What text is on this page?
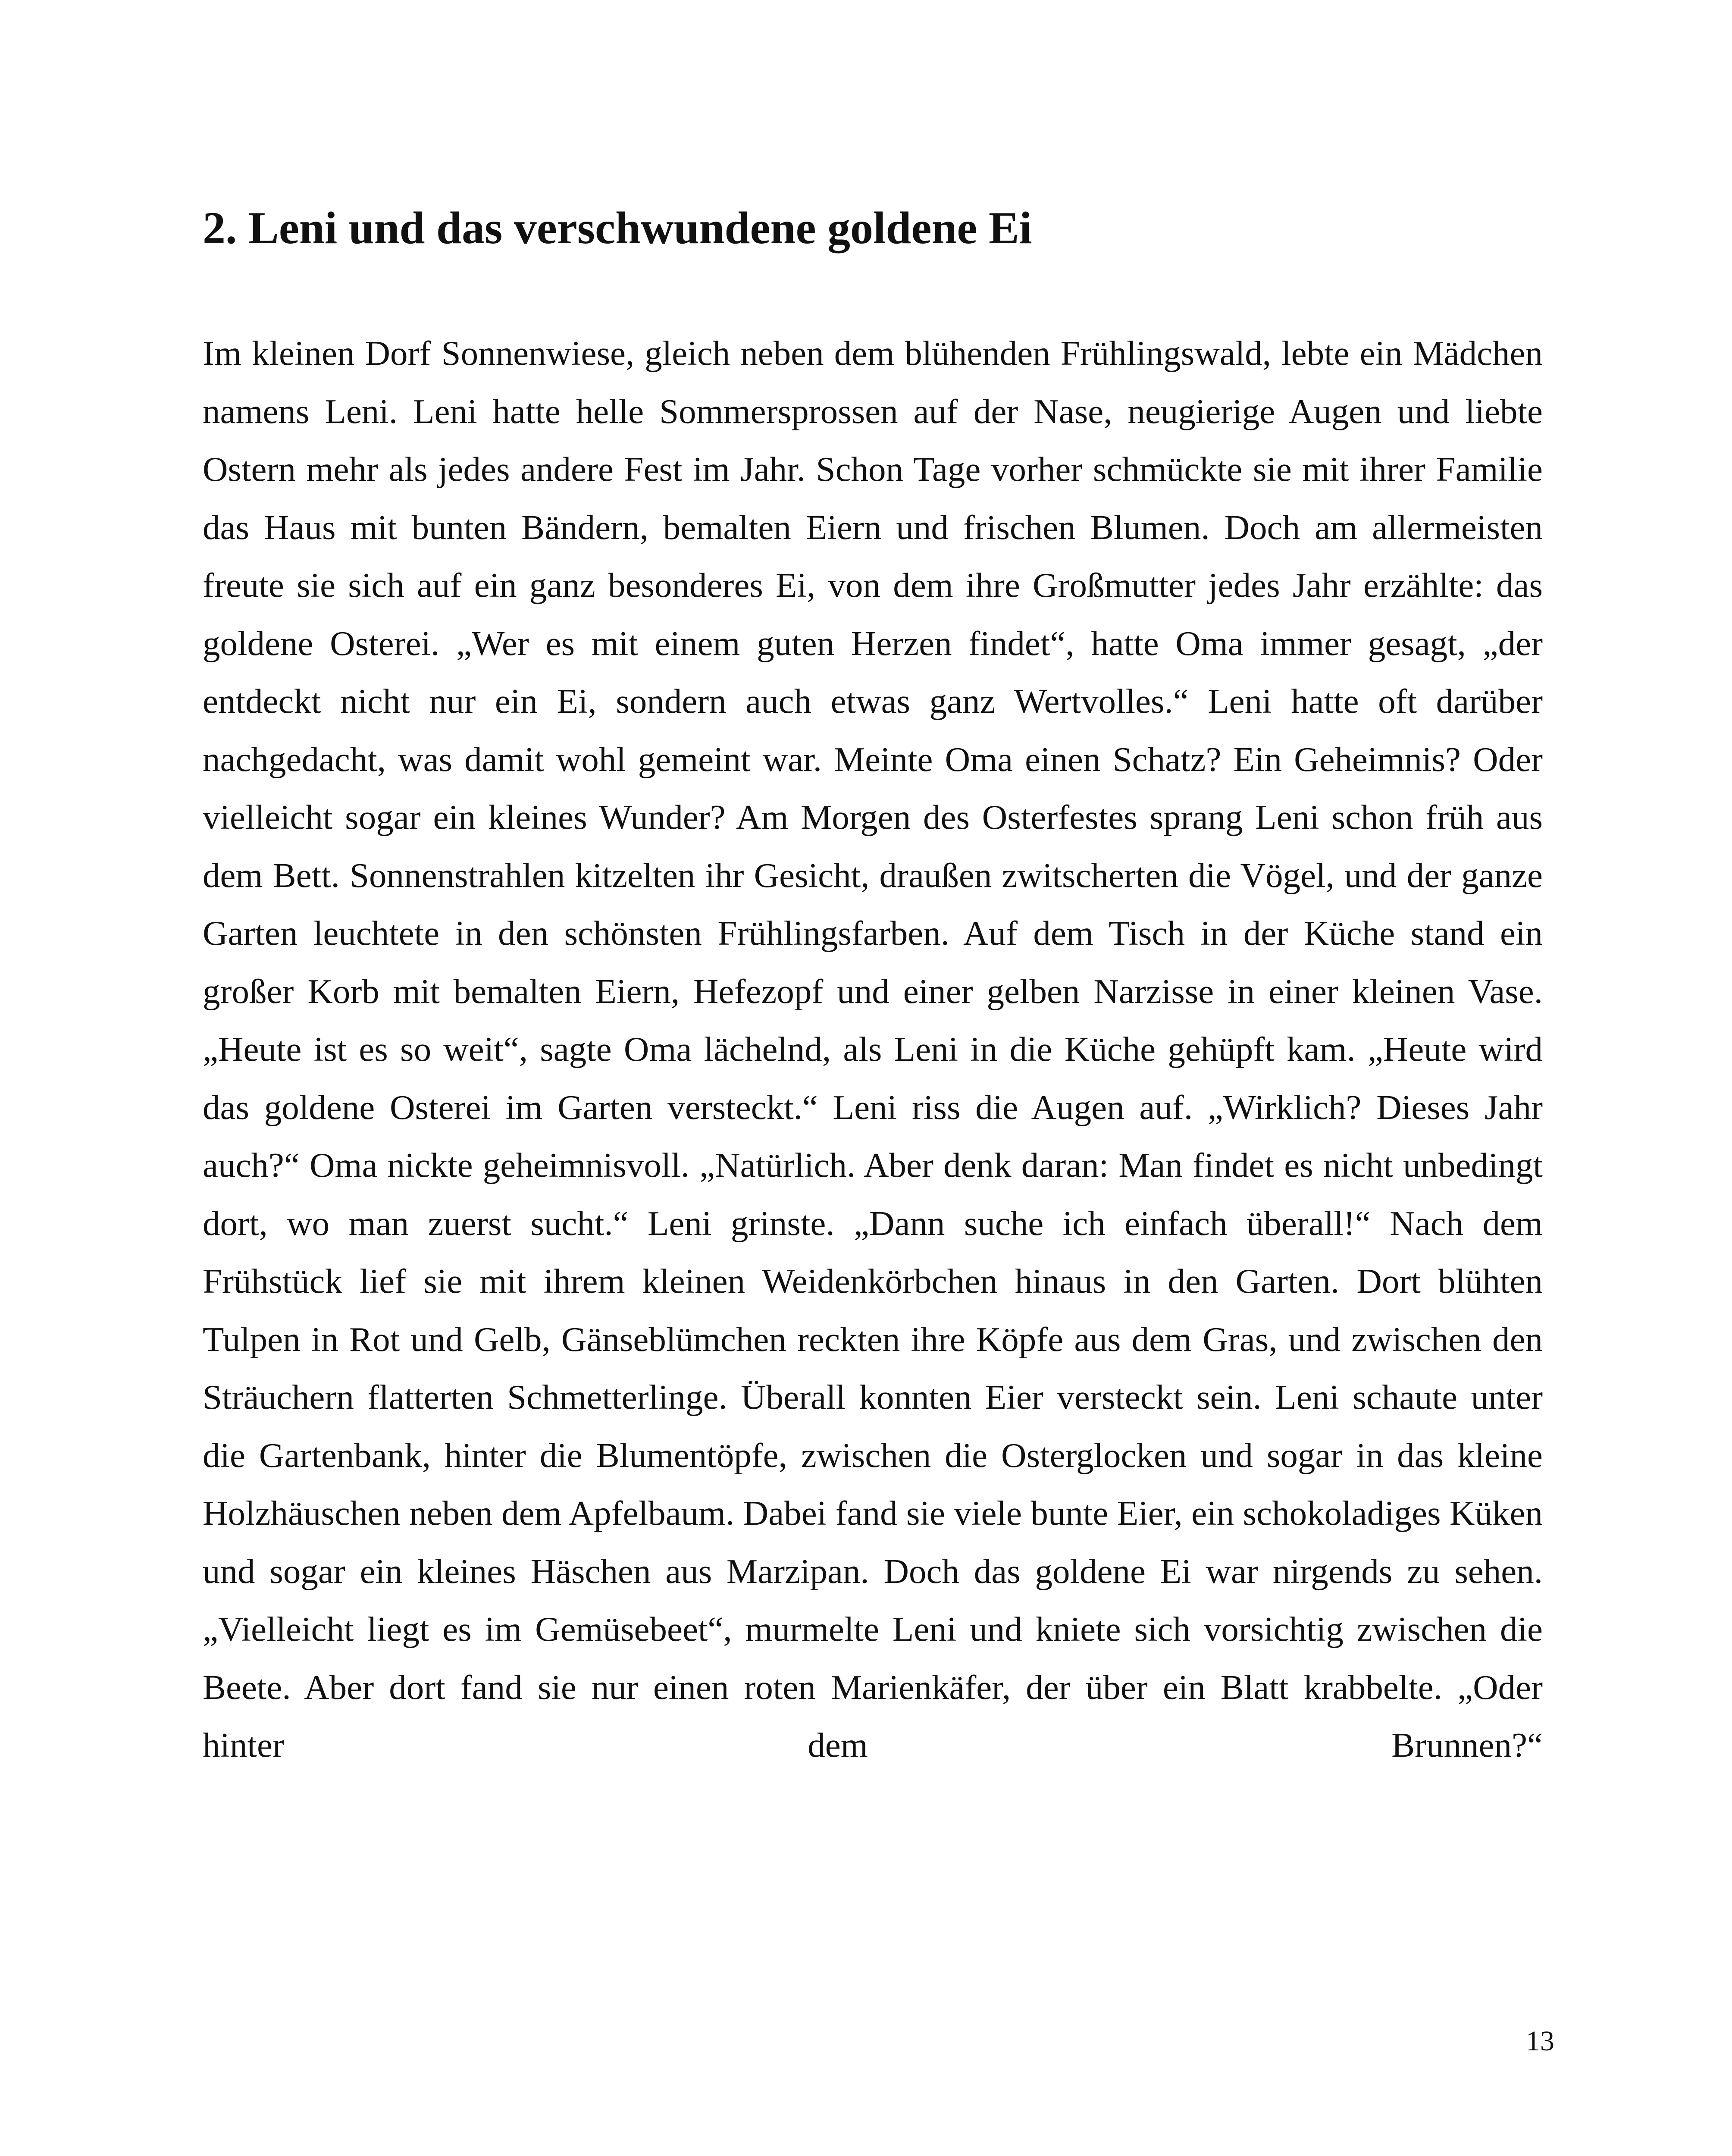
2. Leni und das verschwundene goldene Ei

Im kleinen Dorf Sonnenwiese, gleich neben dem blühenden Frühlingswald, lebte ein Mädchen namens Leni. Leni hatte helle Sommersprossen auf der Nase, neugierige Augen und liebte Ostern mehr als jedes andere Fest im Jahr. Schon Tage vorher schmückte sie mit ihrer Familie das Haus mit bunten Bändern, bemalten Eiern und frischen Blumen. Doch am allermeisten freute sie sich auf ein ganz besonderes Ei, von dem ihre Großmutter jedes Jahr erzählte: das goldene Osterei. „Wer es mit einem guten Herzen findet“, hatte Oma immer gesagt, „der entdeckt nicht nur ein Ei, sondern auch etwas ganz Wertvolles.“ Leni hatte oft darüber nachgedacht, was damit wohl gemeint war. Meinte Oma einen Schatz? Ein Geheimnis? Oder vielleicht sogar ein kleines Wunder? Am Morgen des Osterfestes sprang Leni schon früh aus dem Bett. Sonnenstrahlen kitzelten ihr Gesicht, draußen zwitscherten die Vögel, und der ganze Garten leuchtete in den schönsten Frühlingsfarben. Auf dem Tisch in der Küche stand ein großer Korb mit bemalten Eiern, Hefezopf und einer gelben Narzisse in einer kleinen Vase. „Heute ist es so weit“, sagte Oma lächelnd, als Leni in die Küche gehüpft kam. „Heute wird das goldene Osterei im Garten versteckt.“ Leni riss die Augen auf. „Wirklich? Dieses Jahr auch?“ Oma nickte geheimnisvoll. „Natürlich. Aber denk daran: Man findet es nicht unbedingt dort, wo man zuerst sucht.“ Leni grinste. „Dann suche ich einfach überall!“ Nach dem Frühstück lief sie mit ihrem kleinen Weidenkörbchen hinaus in den Garten. Dort blühten Tulpen in Rot und Gelb, Gänseblümchen reckten ihre Köpfe aus dem Gras, und zwischen den Sträuchern flatterten Schmetterlinge. Überall konnten Eier versteckt sein. Leni schaute unter die Gartenbank, hinter die Blumentöpfe, zwischen die Osterglocken und sogar in das kleine Holzhäuschen neben dem Apfelbaum. Dabei fand sie viele bunte Eier, ein schokoladiges Küken und sogar ein kleines Häschen aus Marzipan. Doch das goldene Ei war nirgends zu sehen. „Vielleicht liegt es im Gemüsebeet“, murmelte Leni und kniete sich vorsichtig zwischen die Beete. Aber dort fand sie nur einen roten Marienkäfer, der über ein Blatt krabbelte. „Oder hinter dem Brunnen?“

13
